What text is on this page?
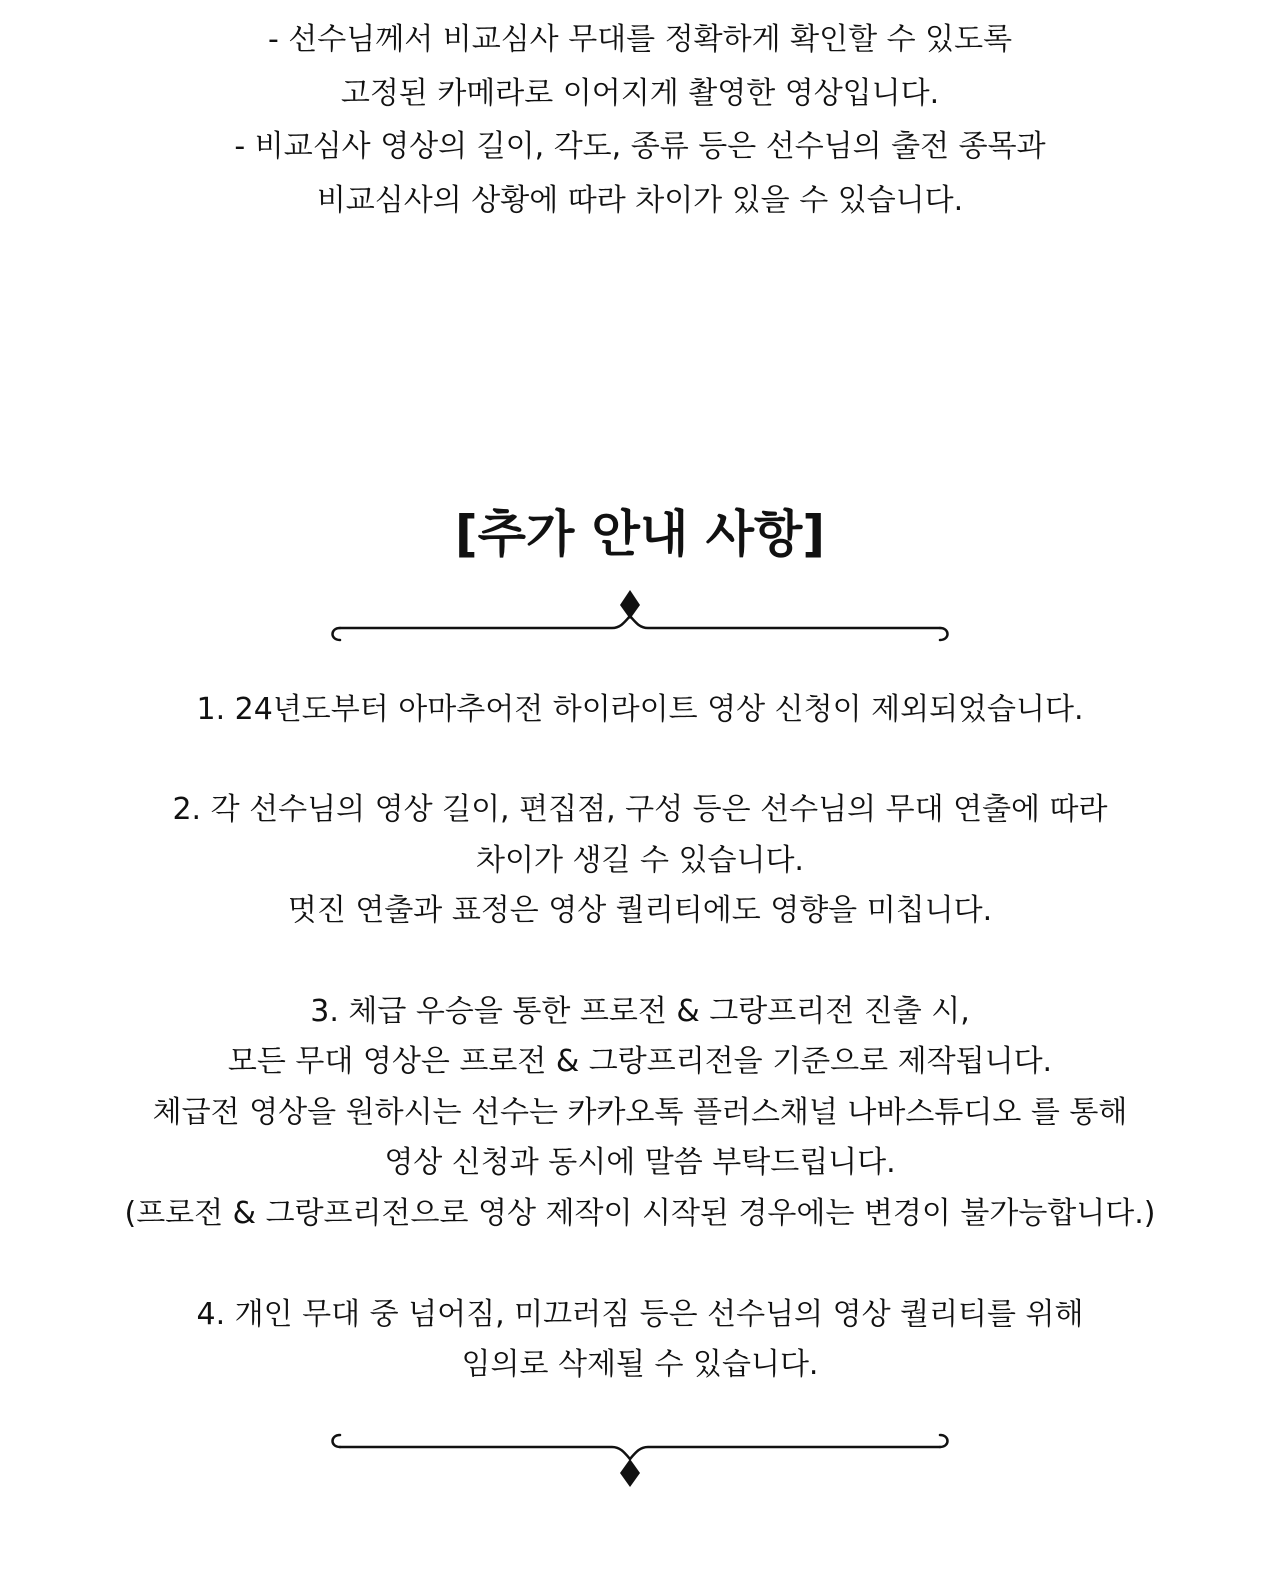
- 선수님께서 비교심사 무대를 정확하게 확인할 수 있도록
고정된 카메라로 이어지게 촬영한 영상입니다.
- 비교심사 영상의 길이, 각도, 종류 등은 선수님의 출전 종목과
비교심사의 상황에 따라 차이가 있을 수 있습니다.
[추가 안내 사항]
1. 24년도부터 아마추어전 하이라이트 영상 신청이 제외되었습니다.
2. 각 선수님의 영상 길이, 편집점, 구성 등은 선수님의 무대 연출에 따라
차이가 생길 수 있습니다.
멋진 연출과 표정은 영상 퀄리티에도 영향을 미칩니다.
3. 체급 우승을 통한 프로전 & 그랑프리전 진출 시,
모든 무대 영상은 프로전 & 그랑프리전을 기준으로 제작됩니다.
체급전 영상을 원하시는 선수는 카카오톡 플러스채널 나바스튜디오 를 통해
영상 신청과 동시에 말씀 부탁드립니다.
(프로전 & 그랑프리전으로 영상 제작이 시작된 경우에는 변경이 불가능합니다.)
4. 개인 무대 중 넘어짐, 미끄러짐 등은 선수님의 영상 퀄리티를 위해
임의로 삭제될 수 있습니다.
